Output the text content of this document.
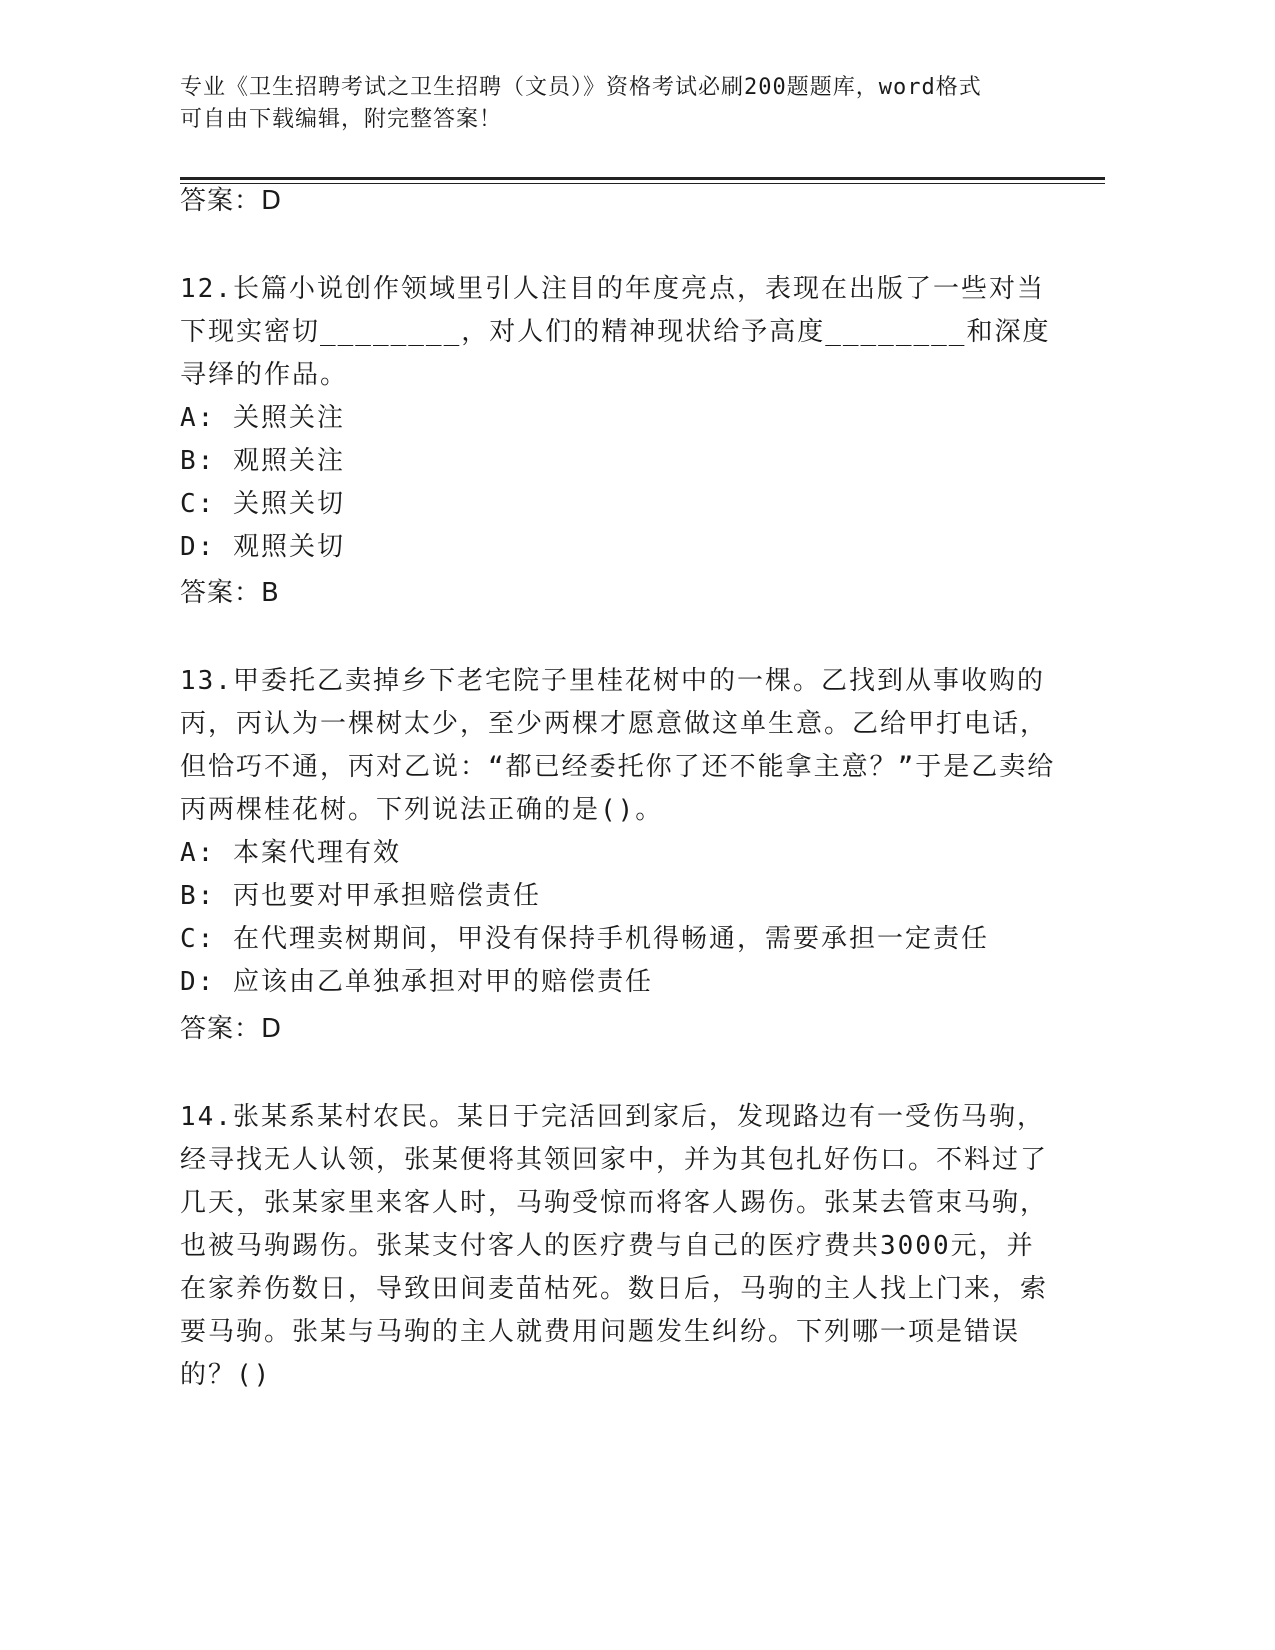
专业《卫生招聘考试之卫生招聘（文员）》资格考试必刷200题题库，word格式
可自由下载编辑，附完整答案！
答案：D
12.长篇小说创作领域里引人注目的年度亮点，表现在出版了一些对当下现实密切________，对人们的精神现状给予高度________和深度寻绎的作品。
A: 关照关注
B: 观照关注
C: 关照关切
D: 观照关切
答案：B
13.甲委托乙卖掉乡下老宅院子里桂花树中的一棵。乙找到从事收购的丙，丙认为一棵树太少，至少两棵才愿意做这单生意。乙给甲打电话，但恰巧不通，丙对乙说：“都已经委托你了还不能拿主意？”于是乙卖给丙两棵桂花树。下列说法正确的是()。
A: 本案代理有效
B: 丙也要对甲承担赔偿责任
C: 在代理卖树期间，甲没有保持手机得畅通，需要承担一定责任
D: 应该由乙单独承担对甲的赔偿责任
答案：D
14.张某系某村农民。某日于完活回到家后，发现路边有一受伤马驹，经寻找无人认领，张某便将其领回家中，并为其包扎好伤口。不料过了几天，张某家里来客人时，马驹受惊而将客人踢伤。张某去管束马驹，也被马驹踢伤。张某支付客人的医疗费与自己的医疗费共3000元，并在家养伤数日，导致田间麦苗枯死。数日后，马驹的主人找上门来，索要马驹。张某与马驹的主人就费用问题发生纠纷。下列哪一项是错误的？()
